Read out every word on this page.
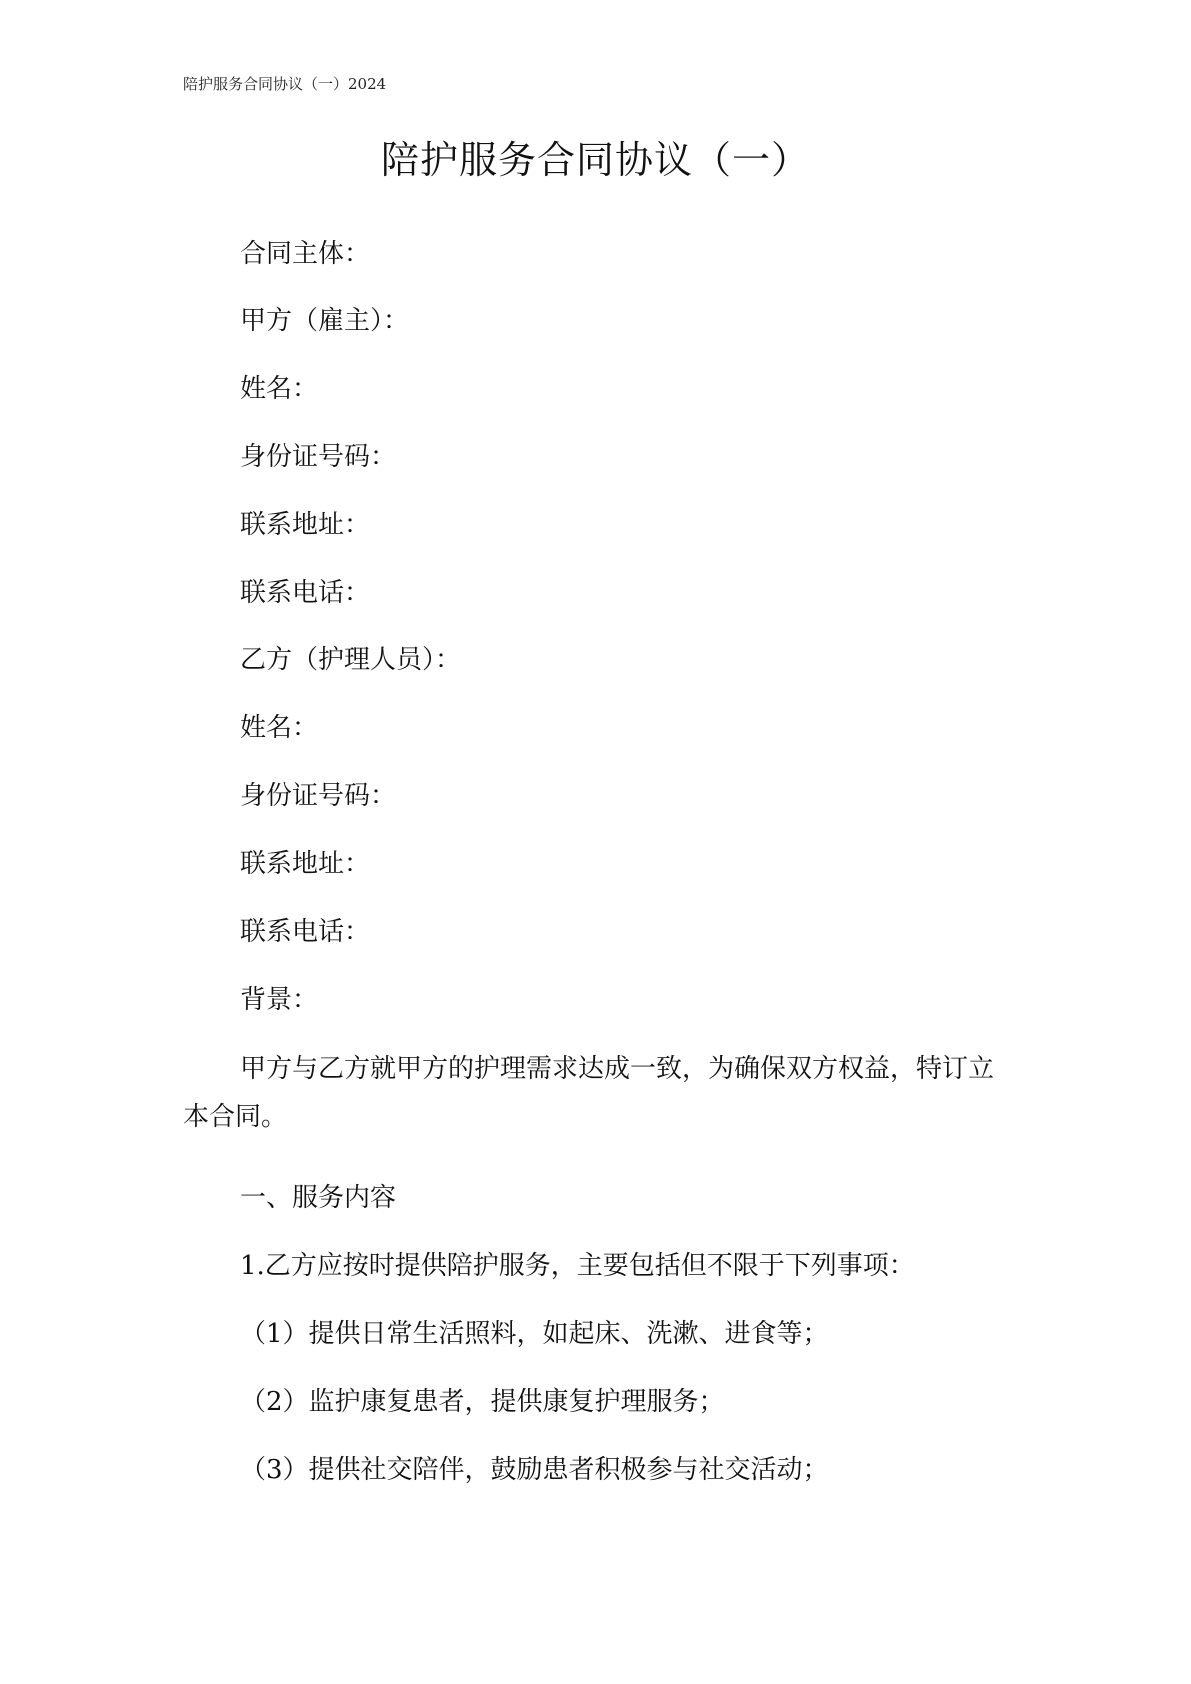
陪护服务合同协议（一）2024
陪护服务合同协议（一）
合同主体：
甲方（雇主）：
姓名：
身份证号码：
联系地址：
联系电话：
乙方（护理人员）：
姓名：
身份证号码：
联系地址：
联系电话：
背景：
甲方与乙方就甲方的护理需求达成一致，为确保双方权益，特订立本合同。
一、服务内容
1.乙方应按时提供陪护服务，主要包括但不限于下列事项：
（1）提供日常生活照料，如起床、洗漱、进食等；
（2）监护康复患者，提供康复护理服务；
（3）提供社交陪伴，鼓励患者积极参与社交活动；
